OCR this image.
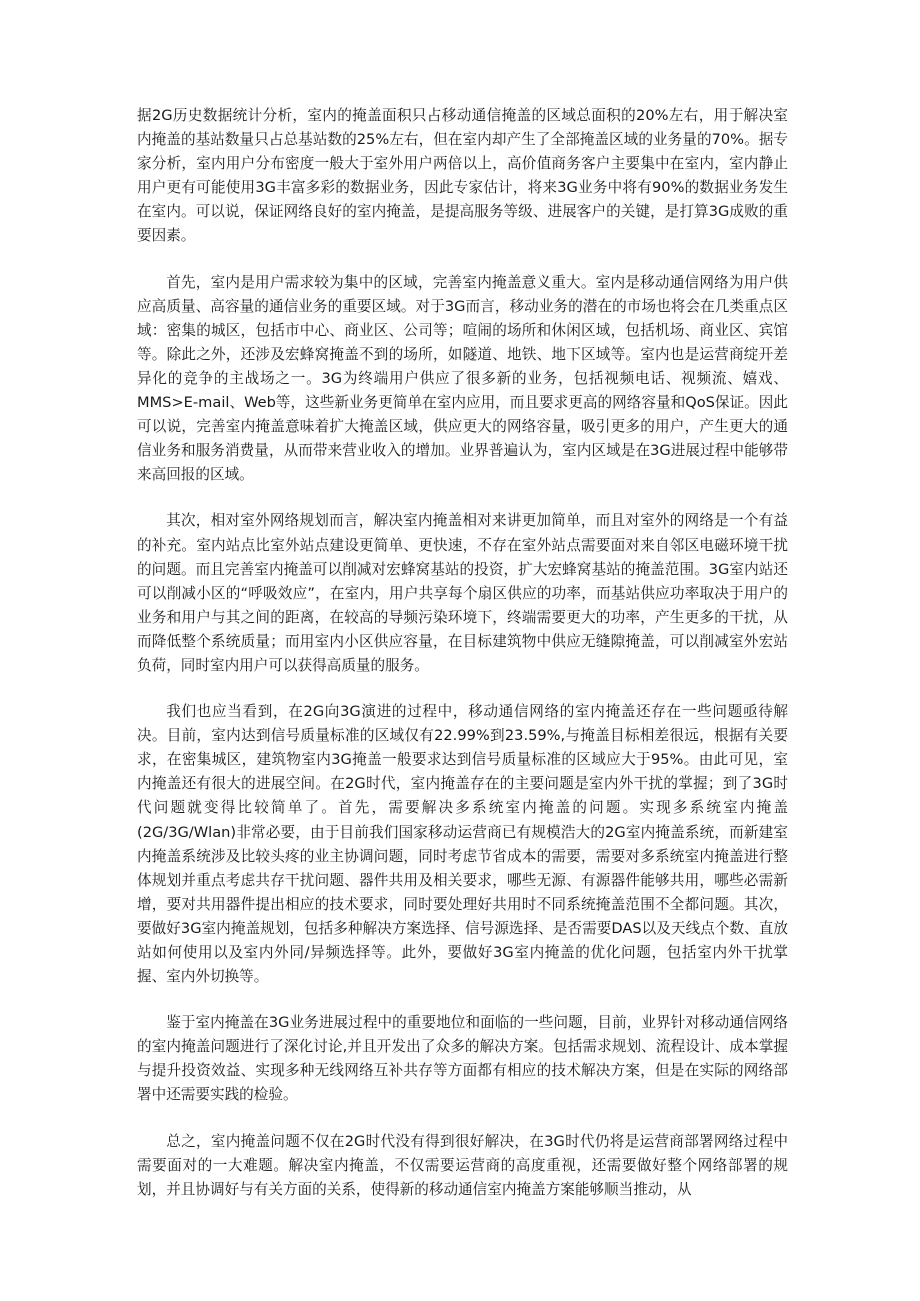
据2G历史数据统计分析，室内的掩盖面积只占移动通信掩盖的区域总面积的20%左右，用于解决室内掩盖的基站数量只占总基站数的25%左右，但在室内却产生了全部掩盖区域的业务量的70%。据专家分析，室内用户分布密度一般大于室外用户两倍以上，高价值商务客户主要集中在室内，室内静止用户更有可能使用3G丰富多彩的数据业务，因此专家估计，将来3G业务中将有90%的数据业务发生在室内。可以说，保证网络良好的室内掩盖，是提高服务等级、进展客户的关键，是打算3G成败的重要因素。

首先，室内是用户需求较为集中的区域，完善室内掩盖意义重大。室内是移动通信网络为用户供应高质量、高容量的通信业务的重要区域。对于3G而言，移动业务的潜在的市场也将会在几类重点区域：密集的城区，包括市中心、商业区、公司等；喧闹的场所和休闲区域，包括机场、商业区、宾馆等。除此之外，还涉及宏蜂窝掩盖不到的场所，如隧道、地铁、地下区域等。室内也是运营商绽开差异化的竞争的主战场之一。3G为终端用户供应了很多新的业务，包括视频电话、视频流、嬉戏、MMS>E-mail、Web等，这些新业务更简单在室内应用，而且要求更高的网络容量和QoS保证。因此可以说，完善室内掩盖意味着扩大掩盖区域，供应更大的网络容量，吸引更多的用户，产生更大的通信业务和服务消费量，从而带来营业收入的增加。业界普遍认为，室内区域是在3G进展过程中能够带来高回报的区域。

其次，相对室外网络规划而言，解决室内掩盖相对来讲更加简单，而且对室外的网络是一个有益的补充。室内站点比室外站点建设更简单、更快速，不存在室外站点需要面对来自邻区电磁环境干扰的问题。而且完善室内掩盖可以削减对宏蜂窝基站的投资，扩大宏蜂窝基站的掩盖范围。3G室内站还可以削减小区的“呼吸效应”，在室内，用户共享每个扇区供应的功率，而基站供应功率取决于用户的业务和用户与其之间的距离，在较高的导频污染环境下，终端需要更大的功率，产生更多的干扰，从而降低整个系统质量；而用室内小区供应容量，在目标建筑物中供应无缝隙掩盖，可以削减室外宏站负荷，同时室内用户可以获得高质量的服务。

我们也应当看到，在2G向3G演进的过程中，移动通信网络的室内掩盖还存在一些问题亟待解决。目前，室内达到信号质量标准的区域仅有22.99%到23.59%,与掩盖目标相差很远，根据有关要求，在密集城区，建筑物室内3G掩盖一般要求达到信号质量标准的区域应大于95%。由此可见，室内掩盖还有很大的进展空间。在2G时代，室内掩盖存在的主要问题是室内外干扰的掌握；到了3G时代问题就变得比较简单了。首先，需要解决多系统室内掩盖的问题。实现多系统室内掩盖(2G/3G/Wlan)非常必要，由于目前我们国家移动运营商已有规模浩大的2G室内掩盖系统，而新建室内掩盖系统涉及比较头疼的业主协调问题，同时考虑节省成本的需要，需要对多系统室内掩盖进行整体规划并重点考虑共存干扰问题、器件共用及相关要求，哪些无源、有源器件能够共用，哪些必需新增，要对共用器件提出相应的技术要求，同时要处理好共用时不同系统掩盖范围不全都问题。其次，要做好3G室内掩盖规划，包括多种解决方案选择、信号源选择、是否需要DAS以及天线点个数、直放站如何使用以及室内外同/异频选择等。此外，要做好3G室内掩盖的优化问题，包括室内外干扰掌握、室内外切换等。

鉴于室内掩盖在3G业务进展过程中的重要地位和面临的一些问题，目前，业界针对移动通信网络的室内掩盖问题进行了深化讨论,并且开发出了众多的解决方案。包括需求规划、流程设计、成本掌握与提升投资效益、实现多种无线网络互补共存等方面都有相应的技术解决方案，但是在实际的网络部署中还需要实践的检验。

总之，室内掩盖问题不仅在2G时代没有得到很好解决，在3G时代仍将是运营商部署网络过程中需要面对的一大难题。解决室内掩盖，不仅需要运营商的高度重视，还需要做好整个网络部署的规划，并且协调好与有关方面的关系，使得新的移动通信室内掩盖方案能够顺当推动，从
